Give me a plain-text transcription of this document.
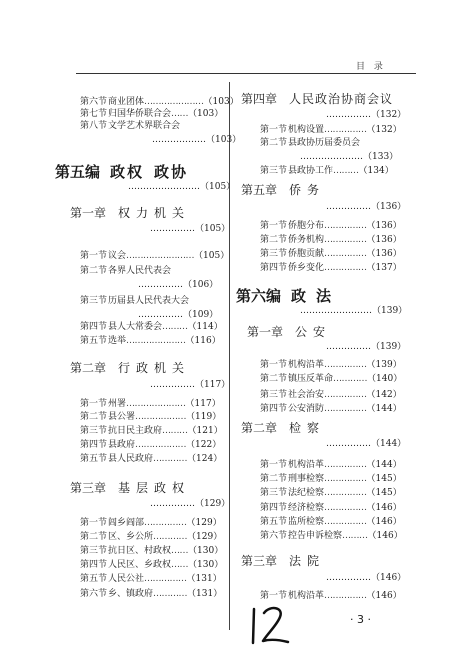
目 录
第六节商业团体…………………（103）
第七节归国华侨联合会……（103）
第八节文学艺术界联合会
………………（103）
第五编 政权 政协
……………………（105）
第一章 权力机关
……………（105）
第一节议会……………………（105）
第二节各界人民代表会
……………（106）
第三节历届县人民代表大会
……………（109）
第四节县人大常委会………（114）
第五节选举…………………（116）
第二章 行政机关
……………（117）
第一节州署…………………（117）
第二节县公署………………（119）
第三节抗日民主政府………（121）
第四节县政府………………（122）
第五节县人民政府…………（124）
第三章 基层政权
……………（129）
第一节闾乡阎部……………（129）
第二节区、乡公所…………（129）
第三节抗日区、村政权……（130）
第四节人民区、乡政权……（130）
第五节人民公社……………（131）
第六节乡、镇政府…………（131）
第四章 人民政治协商会议
……………（132）
第一节机构设置……………（132）
第二节县政协历届委员会
…………………（133）
第三节县政协工作………（134）
第五章 侨务
……………（136）
第一节侨胞分布……………（136）
第二节侨务机构……………（136）
第三节侨胞贡献……………（136）
第四节侨乡变化……………（137）
第六编 政法
……………………（139）
第一章 公安
……………（139）
第一节机构沿革……………（139）
第二节镇压反革命…………（140）
第三节社会治安……………（142）
第四节公安消防……………（144）
第二章 检察
……………（144）
第一节机构沿革……………（144）
第二节刑事检察……………（145）
第三节法纪检察……………（145）
第四节经济检察……………（146）
第五节监所检察……………（146）
第六节控告申诉检察………（146）
第三章 法院
……………（146）
第一节机构沿革……………（146）
· 3 ·
